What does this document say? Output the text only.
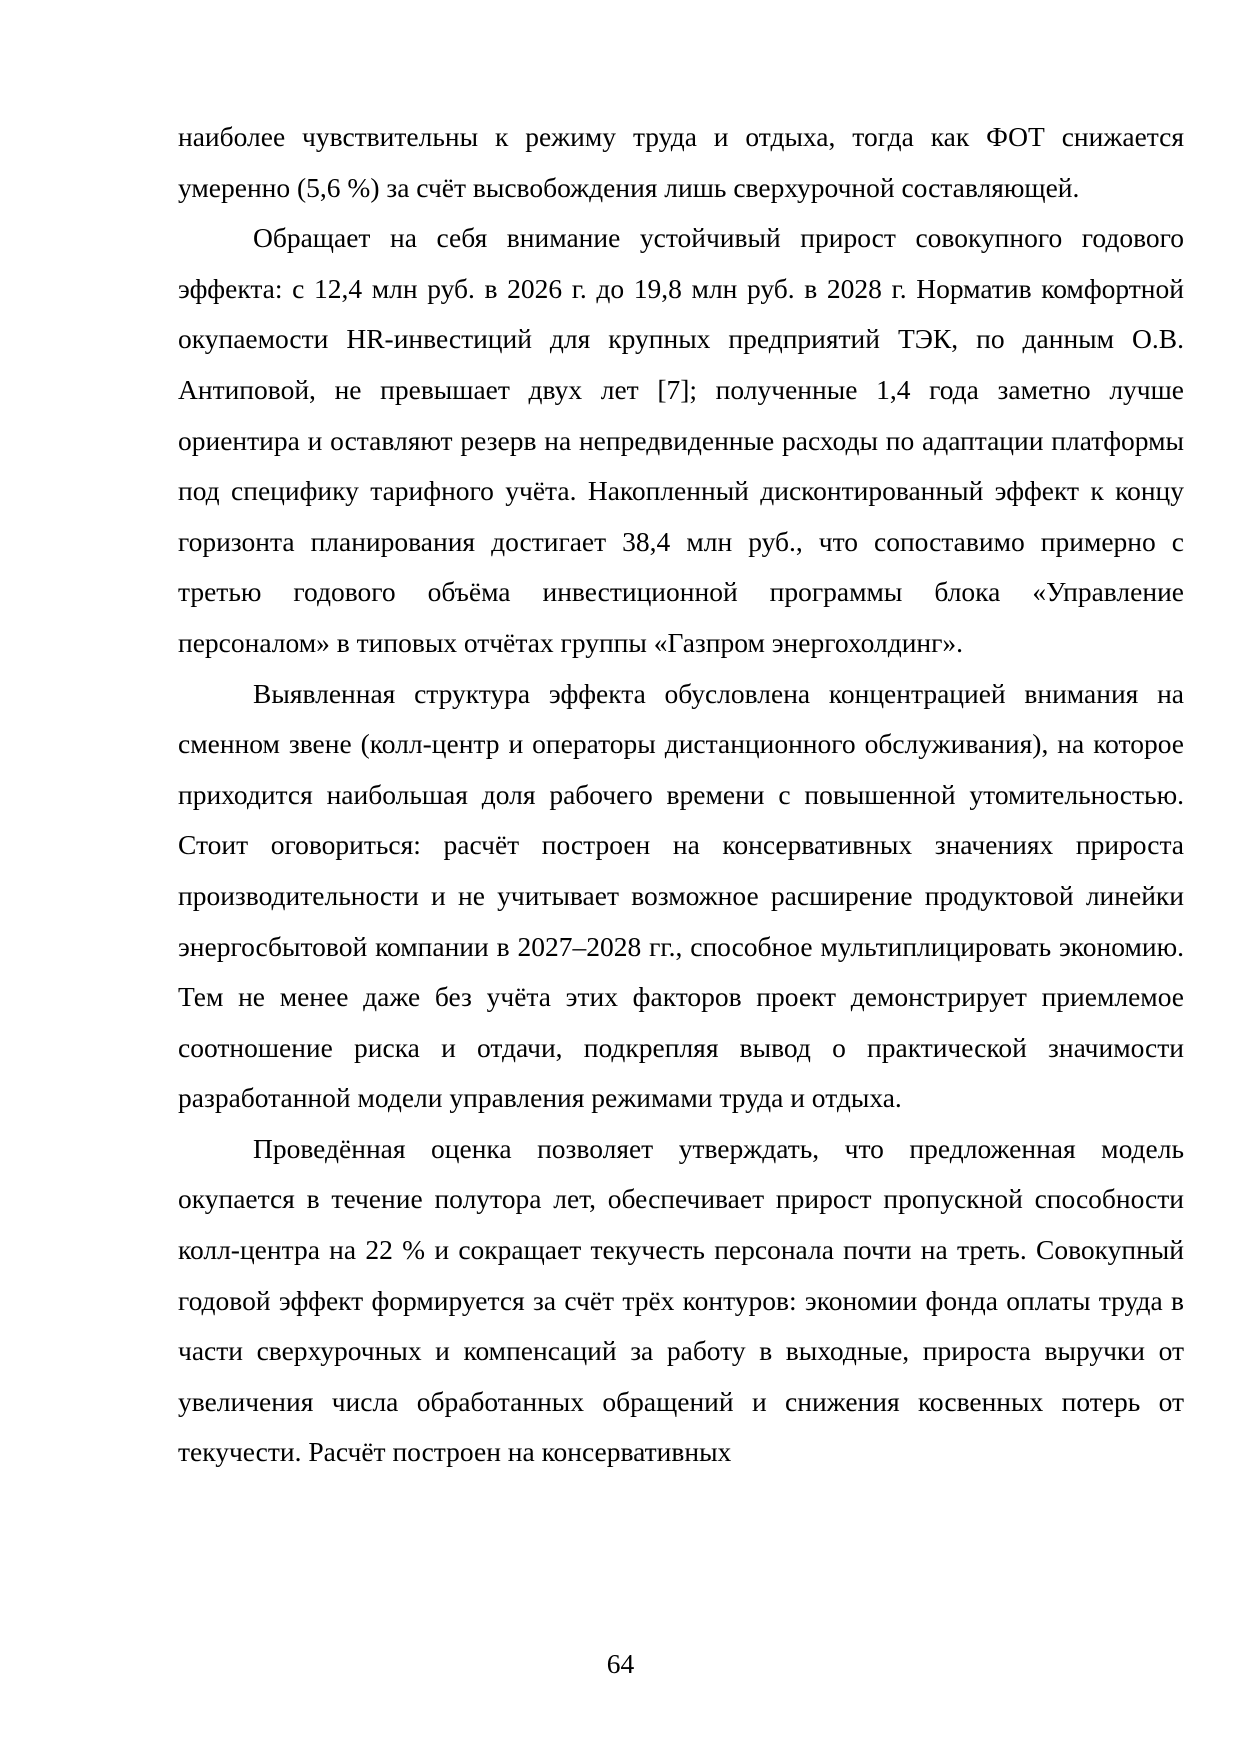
наиболее чувствительны к режиму труда и отдыха, тогда как ФОТ снижается умеренно (5,6 %) за счёт высвобождения лишь сверхурочной составляющей.

Обращает на себя внимание устойчивый прирост совокупного годового эффекта: с 12,4 млн руб. в 2026 г. до 19,8 млн руб. в 2028 г. Норматив комфортной окупаемости HR-инвестиций для крупных предприятий ТЭК, по данным О.В. Антиповой, не превышает двух лет [7]; полученные 1,4 года заметно лучше ориентира и оставляют резерв на непредвиденные расходы по адаптации платформы под специфику тарифного учёта. Накопленный дисконтированный эффект к концу горизонта планирования достигает 38,4 млн руб., что сопоставимо примерно с третью годового объёма инвестиционной программы блока «Управление персоналом» в типовых отчётах группы «Газпром энергохолдинг».

Выявленная структура эффекта обусловлена концентрацией внимания на сменном звене (колл-центр и операторы дистанционного обслуживания), на которое приходится наибольшая доля рабочего времени с повышенной утомительностью. Стоит оговориться: расчёт построен на консервативных значениях прироста производительности и не учитывает возможное расширение продуктовой линейки энергосбытовой компании в 2027–2028 гг., способное мультиплицировать экономию. Тем не менее даже без учёта этих факторов проект демонстрирует приемлемое соотношение риска и отдачи, подкрепляя вывод о практической значимости разработанной модели управления режимами труда и отдыха.

Проведённая оценка позволяет утверждать, что предложенная модель окупается в течение полутора лет, обеспечивает прирост пропускной способности колл-центра на 22 % и сокращает текучесть персонала почти на треть. Совокупный годовой эффект формируется за счёт трёх контуров: экономии фонда оплаты труда в части сверхурочных и компенсаций за работу в выходные, прироста выручки от увеличения числа обработанных обращений и снижения косвенных потерь от текучести. Расчёт построен на консервативных

64
